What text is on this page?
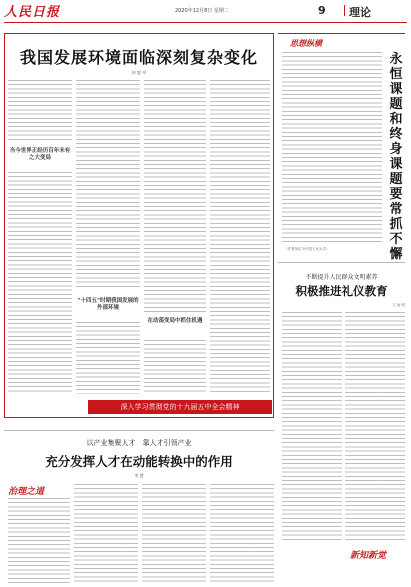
人民日报	2020年12月8日 星期二	9 理论
我国发展环境面临深刻复杂变化
何 毅 亭
当今世界正经历百年未有之大变局
“十四五”时期我国发展的外部环境
在动荡变局中抓住机遇
深入学习贯彻党的十九届五中全会精神
思想纵横
永恒课题和终身课题要常抓不懈
（作者单位为中国人民大学）
不断提升人民群众文明素养
积极推进礼仪教育
王 灿 明
新知新觉
以产业集聚人才　靠人才引领产业
充分发挥人才在动能转换中的作用
李 慧
治理之道
